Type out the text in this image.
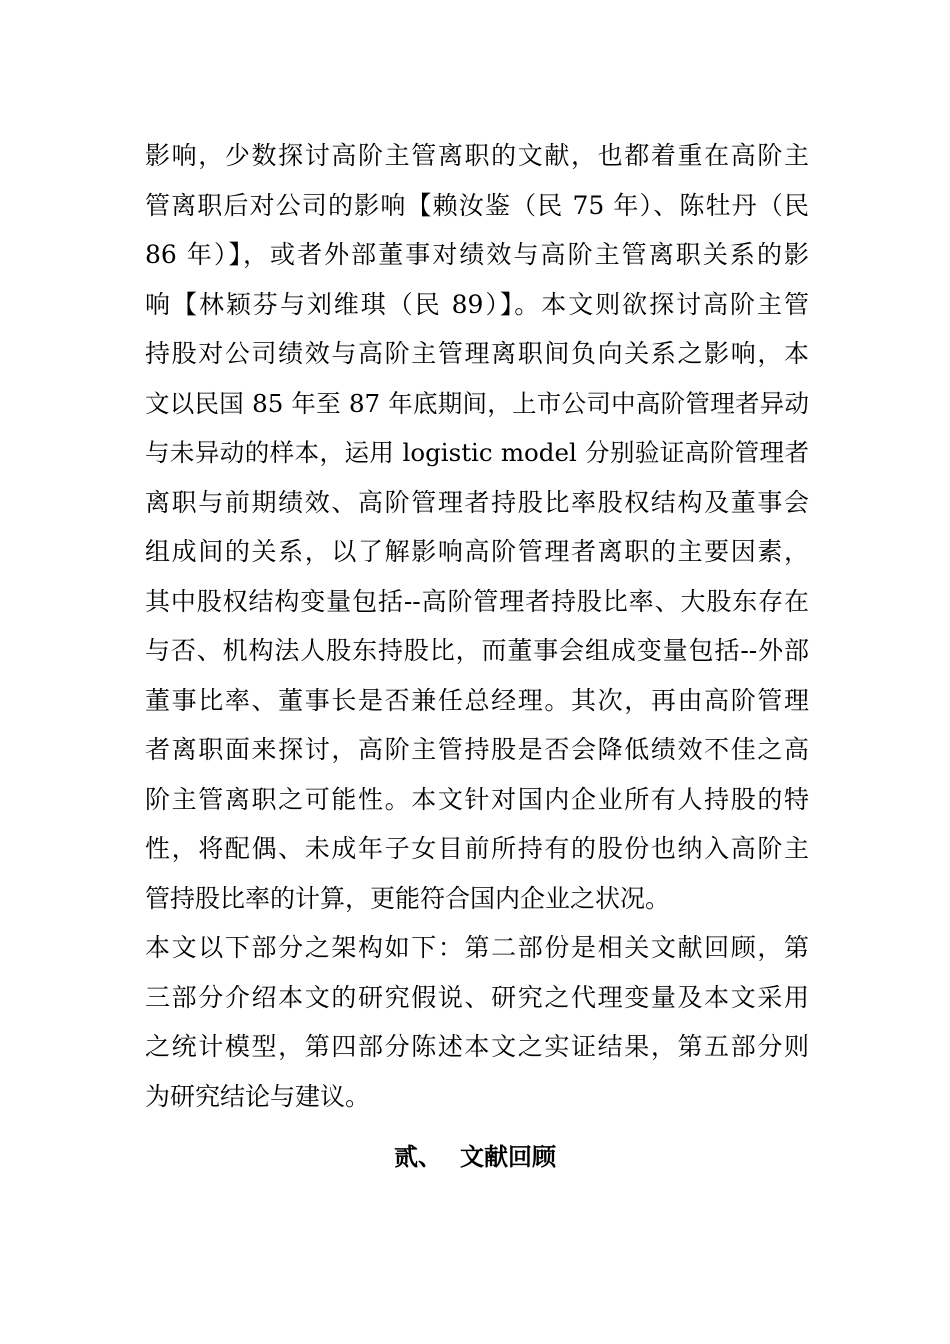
影响，少数探讨高阶主管离职的文献，也都着重在高阶主
管离职后对公司的影响【赖汝鉴（民 75 年）、陈牡丹（民
86 年）】，或者外部董事对绩效与高阶主管离职关系的影
响【林颖芬与刘维琪（民 89）】。本文则欲探讨高阶主管
持股对公司绩效与高阶主管理离职间负向关系之影响，本
文以民国 85 年至 87 年底期间，上市公司中高阶管理者异动
与未异动的样本，运用 logistic model 分别验证高阶管理者
离职与前期绩效、高阶管理者持股比率股权结构及董事会
组成间的关系，以了解影响高阶管理者离职的主要因素，
其中股权结构变量包括--高阶管理者持股比率、大股东存在
与否、机构法人股东持股比，而董事会组成变量包括--外部
董事比率、董事长是否兼任总经理。其次，再由高阶管理
者离职面来探讨，高阶主管持股是否会降低绩效不佳之高
阶主管离职之可能性。本文针对国内企业所有人持股的特
性，将配偶、未成年子女目前所持有的股份也纳入高阶主
管持股比率的计算，更能符合国内企业之状况。
本文以下部分之架构如下：第二部份是相关文献回顾，第
三部分介绍本文的研究假说、研究之代理变量及本文采用
之统计模型，第四部分陈述本文之实证结果，第五部分则
为研究结论与建议。
贰、 文献回顾
